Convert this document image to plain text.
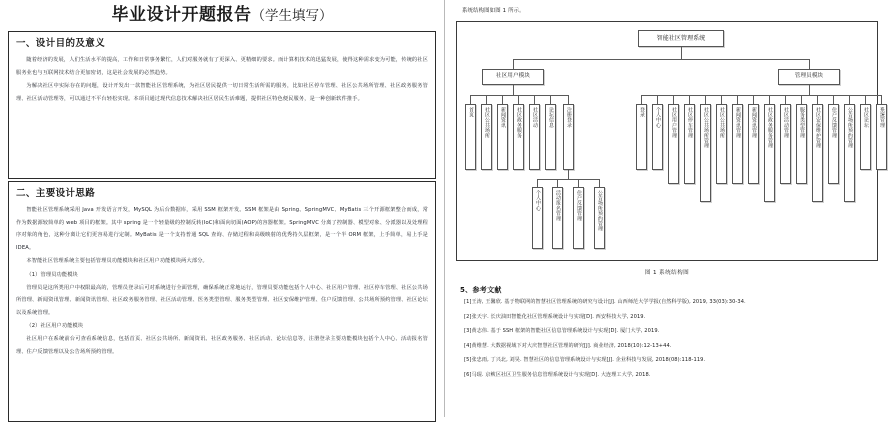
毕业设计开题报告（学生填写）
一、设计目的及意义
随着经济的发展，人们生活水平的提高，工作和日常事务繁忙，人们对服务就有了更深入、更精细的要求。而计算机技术的迅猛发展，使得这种需求变为可能，传统的社区服务业也与互联网技术结合更加密切，这是社会发展的必然趋势。
为解决社区中实际存在的问题，设计开发出一款智能社区管理系统，为社区居民提供一切日常生活所需的服务，比如社区停车管理、社区公共场所管理、社区政务服务管理、社区活动管理等，可以通过不平台轻松实现。本项目通过现代信息技术解决社区居民生活难题，提供社区特色便民服务，是一种创新软件推手。
二、主要设计思路
智能社区管理系统采用 Java 开发语言开发，MySQL 为后台数据库，采用 SSM 框架开发。SSM 框架是由 Spring、SpringMVC、MyBatis 三个开源框架整合而成，常作为数据源较简单的 web 项目的框架。其中 spring 是一个轻量级的控制反转(IoC)和面向切面(AOP)的容器框架。SpringMVC 分离了控制器、模型对象、分派器以及处理程序对象的角色，这种分离让它们更容易进行定制。MyBatis 是一个支持普通 SQL 查询、存储过程和高级映射的优秀持久层框架，是一个半 ORM 框架，上手简单，易上手是 IDEA。
本智能社区管理系统主要包括管理员功能模块和社区用户功能模块两大部分。
（1）管理员功能模块
管理员是这所类用户中权限最高的，管理员登录后可对系统进行全面管理，确保系统正常地运行，管理员要功能包括个人中心、社区用户管理、社区停车管理、社区公共场所管理、新闻资讯管理、新闻资讯管理、社区政务服务管理、社区活动管理、医务类型管理、服务类型管理、社区安保维护管理、住户反馈管理、公共场所预约管理、社区论坛以及系统管理。
（2）社区用户功能模块
社区用户在系统前台可查看系统信息，包括首页、社区公共场所、新闻资讯、社区政务服务、社区活动、论坛信息等，注册登录主要功能模块包括个人中心、活动报名管理、住户反馈管理以及公告场所预约管理。
系统结构图如图 1 所示。
智能社区管理系统
社区用户模块	管理员模块
首页	社区公共场所	新闻资讯	社区政务服务	社区活动	论坛信息	注册登录
个人中心	活动报名管理	住户反馈管理	公告场所预约管理
登录	个人中心	社区用户管理	社区停车管理	社区公共场所管理	社区公共场所	新闻资讯管理	新闻资讯管理	社区政务服务管理	社区活动管理	服务类型管理	社区安保维护管理	住户反馈管理	公告场所预约管理	社区论坛	系统管理
图 1 系统结构图
5、参考文献
[1]王涛, 王馨欣. 基于物联网的智慧社区管理系统的研究与设计[J]. 山西师范大学学报(自然科学版), 2019, 33(03):30-34.
[2]张天宇. 长庆油田智能化社区管理系统设计与实现[D]. 西安科技大学, 2019.
[3]黄志伟. 基于 SSH 框架的智能社区信息管理系统设计与实现[D]. 厦门大学, 2019.
[4]黄维慧. 大数据视域下对大庆智慧社区管理的研究[J]. 商业经济, 2018(10):12-13+44.
[5]张忠雨, 丁兴北, 刘昊. 智慧社区的信息管理系统设计与实现[J]. 企业科技与发展, 2018(08):118-119.
[6]马琨. 京鲅区社区卫生服务信息管理系统设计与实现[D]. 大连理工大学, 2018.
